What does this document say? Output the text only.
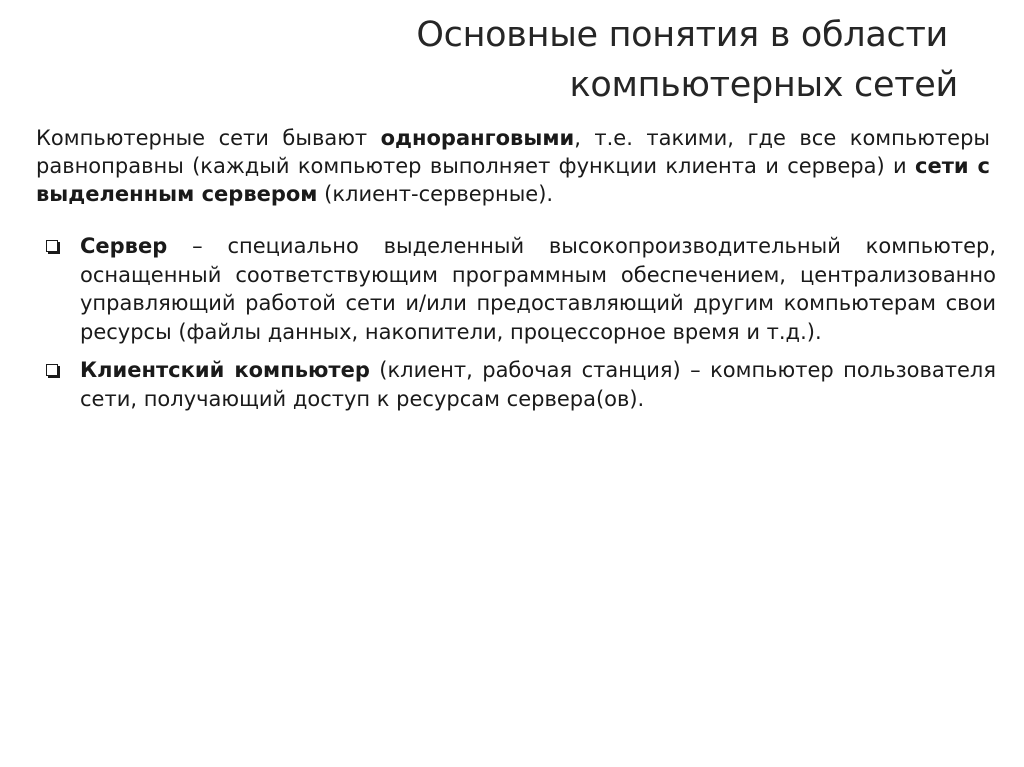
Основные понятия в области
компьютерных сетей

Компьютерные сети бывают одноранговыми, т.е. такими, где все компьютеры равноправны (каждый компьютер выполняет функции клиента и сервера) и сети с выделенным сервером (клиент-серверные).

Сервер – специально выделенный высокопроизводительный компьютер, оснащенный соответствующим программным обеспечением, централизованно управляющий работой сети и/или предоставляющий другим компьютерам свои ресурсы (файлы данных, накопители, процессорное время и т.д.).
Клиентский компьютер (клиент, рабочая станция) – компьютер пользователя сети, получающий доступ к ресурсам сервера(ов).
